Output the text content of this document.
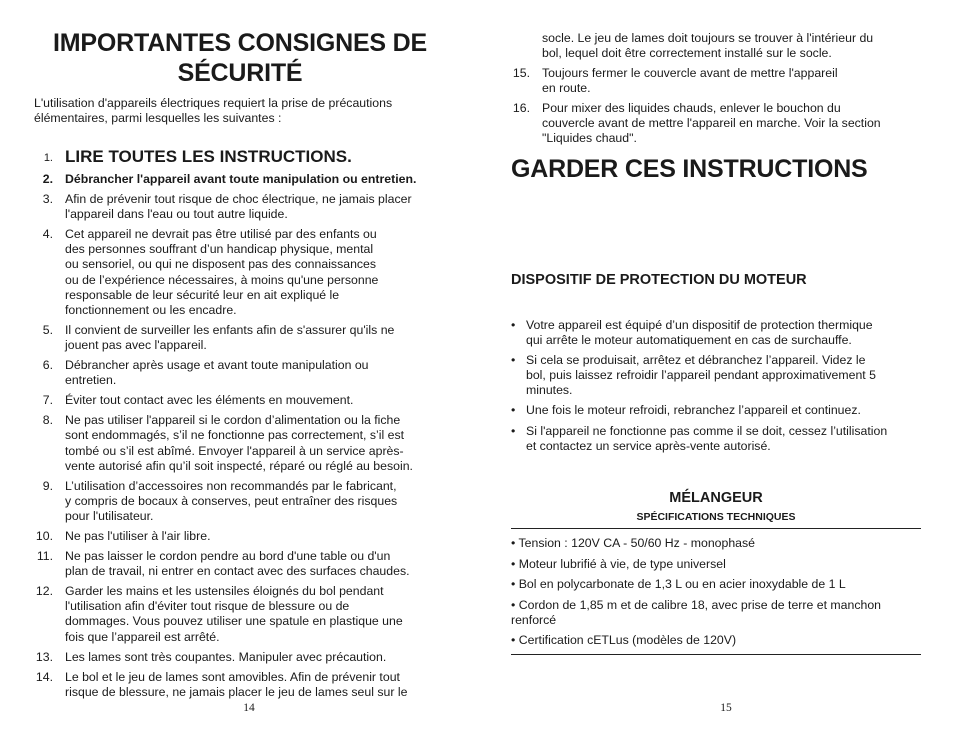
IMPORTANTES CONSIGNES DE
SÉCURITÉ
L'utilisation d'appareils électriques requiert la prise de précautions
élémentaires, parmi lesquelles les suivantes :
1. LIRE TOUTES LES INSTRUCTIONS.
2. Débrancher l'appareil avant toute manipulation ou entretien.
3. Afin de prévenir tout risque de choc électrique, ne jamais placer
l'appareil dans l'eau ou tout autre liquide.
4. Cet appareil ne devrait pas être utilisé par des enfants ou
des personnes souffrant d’un handicap physique, mental
ou sensoriel, ou qui ne disposent pas des connaissances
ou de l’expérience nécessaires, à moins qu'une personne
responsable de leur sécurité leur en ait expliqué le
fonctionnement ou les encadre.
5. Il convient de surveiller les enfants afin de s'assurer qu'ils ne
jouent pas avec l'appareil.
6. Débrancher après usage et avant toute manipulation ou
entretien.
7. Éviter tout contact avec les éléments en mouvement.
8. Ne pas utiliser l'appareil si le cordon d’alimentation ou la fiche
sont endommagés, s’il ne fonctionne pas correctement, s’il est
tombé ou s’il est abîmé. Envoyer l'appareil à un service après-
vente autorisé afin qu’il soit inspecté, réparé ou réglé au besoin.
9. L’utilisation d’accessoires non recommandés par le fabricant,
y compris de bocaux à conserves, peut entraîner des risques
pour l'utilisateur.
10. Ne pas l'utiliser à l'air libre.
11. Ne pas laisser le cordon pendre au bord d'une table ou d'un
plan de travail, ni entrer en contact avec des surfaces chaudes.
12. Garder les mains et les ustensiles éloignés du bol pendant
l'utilisation afin d'éviter tout risque de blessure ou de
dommages. Vous pouvez utiliser une spatule en plastique une
fois que l’appareil est arrêté.
13. Les lames sont très coupantes. Manipuler avec précaution.
14. Le bol et le jeu de lames sont amovibles. Afin de prévenir tout
risque de blessure, ne jamais placer le jeu de lames seul sur le
14
socle. Le jeu de lames doit toujours se trouver à l'intérieur du
bol, lequel doit être correctement installé sur le socle.
15. Toujours fermer le couvercle avant de mettre l'appareil
en route.
16. Pour mixer des liquides chauds, enlever le bouchon du
couvercle avant de mettre l'appareil en marche. Voir la section
"Liquides chaud".
GARDER CES INSTRUCTIONS
DISPOSITIF DE PROTECTION DU MOTEUR
• Votre appareil est équipé d’un dispositif de protection thermique
qui arrête le moteur automatiquement en cas de surchauffe.
• Si cela se produisait, arrêtez et débranchez l’appareil. Videz le
bol, puis laissez refroidir l’appareil pendant approximativement 5
minutes.
• Une fois le moteur refroidi, rebranchez l’appareil et continuez.
• Si l'appareil ne fonctionne pas comme il se doit, cessez l’utilisation
et contactez un service après-vente autorisé.
MÉLANGEUR
SPÉCIFICATIONS TECHNIQUES
• Tension : 120V CA - 50/60 Hz - monophasé
• Moteur lubrifié à vie, de type universel
• Bol en polycarbonate de 1,3 L ou en acier inoxydable de 1 L
• Cordon de 1,85 m et de calibre 18, avec prise de terre et manchon
renforcé
• Certification cETLus (modèles de 120V)
15
